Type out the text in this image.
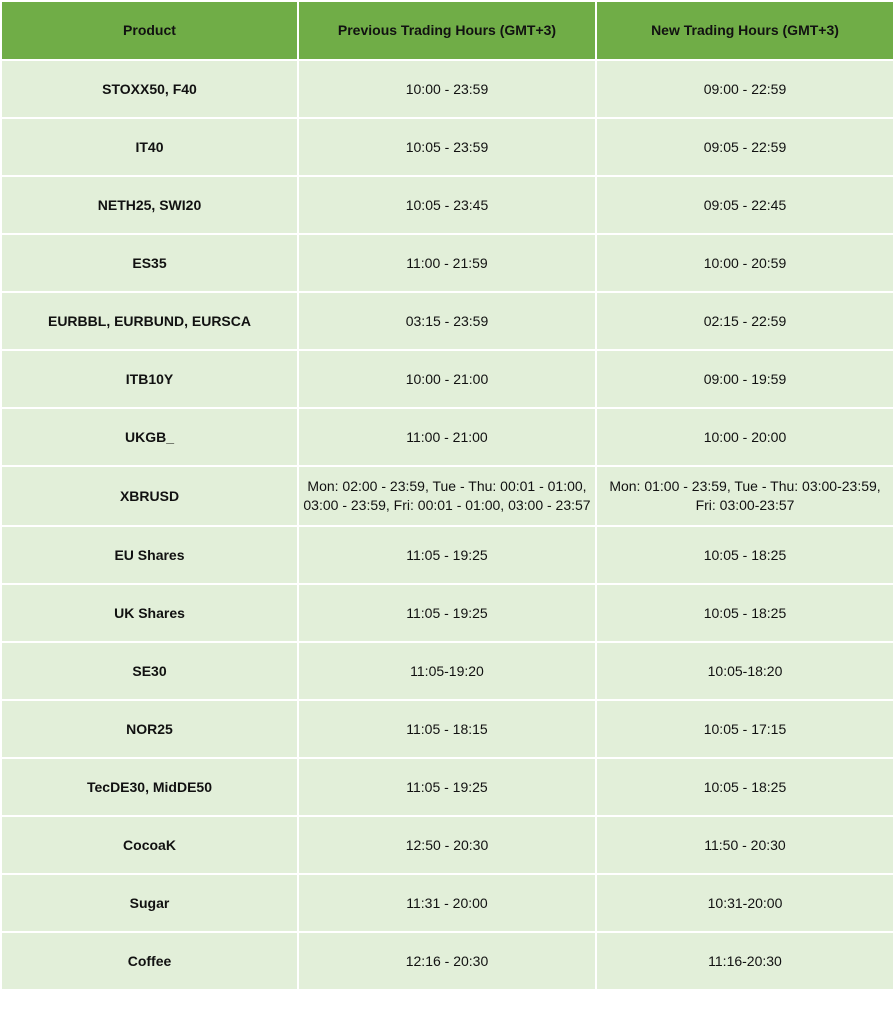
Product	Previous Trading Hours (GMT+3)	New Trading Hours (GMT+3)
STOXX50, F40	10:00 - 23:59	09:00 - 22:59
IT40	10:05 - 23:59	09:05 - 22:59
NETH25, SWI20	10:05 - 23:45	09:05 - 22:45
ES35	11:00 - 21:59	10:00 - 20:59
EURBBL, EURBUND, EURSCA	03:15 - 23:59	02:15 - 22:59
ITB10Y	10:00 - 21:00	09:00 - 19:59
UKGB_	11:00 - 21:00	10:00 - 20:00
XBRUSD	Mon: 02:00 - 23:59, Tue - Thu: 00:01 - 01:00, 03:00 - 23:59, Fri: 00:01 - 01:00, 03:00 - 23:57	Mon: 01:00 - 23:59, Tue - Thu: 03:00-23:59, Fri: 03:00-23:57
EU Shares	11:05 - 19:25	10:05 - 18:25
UK Shares	11:05 - 19:25	10:05 - 18:25
SE30	11:05-19:20	10:05-18:20
NOR25	11:05 - 18:15	10:05 - 17:15
TecDE30, MidDE50	11:05 - 19:25	10:05 - 18:25
CocoaK	12:50 - 20:30	11:50 - 20:30
Sugar	11:31 - 20:00	10:31-20:00
Coffee	12:16 - 20:30	11:16-20:30
